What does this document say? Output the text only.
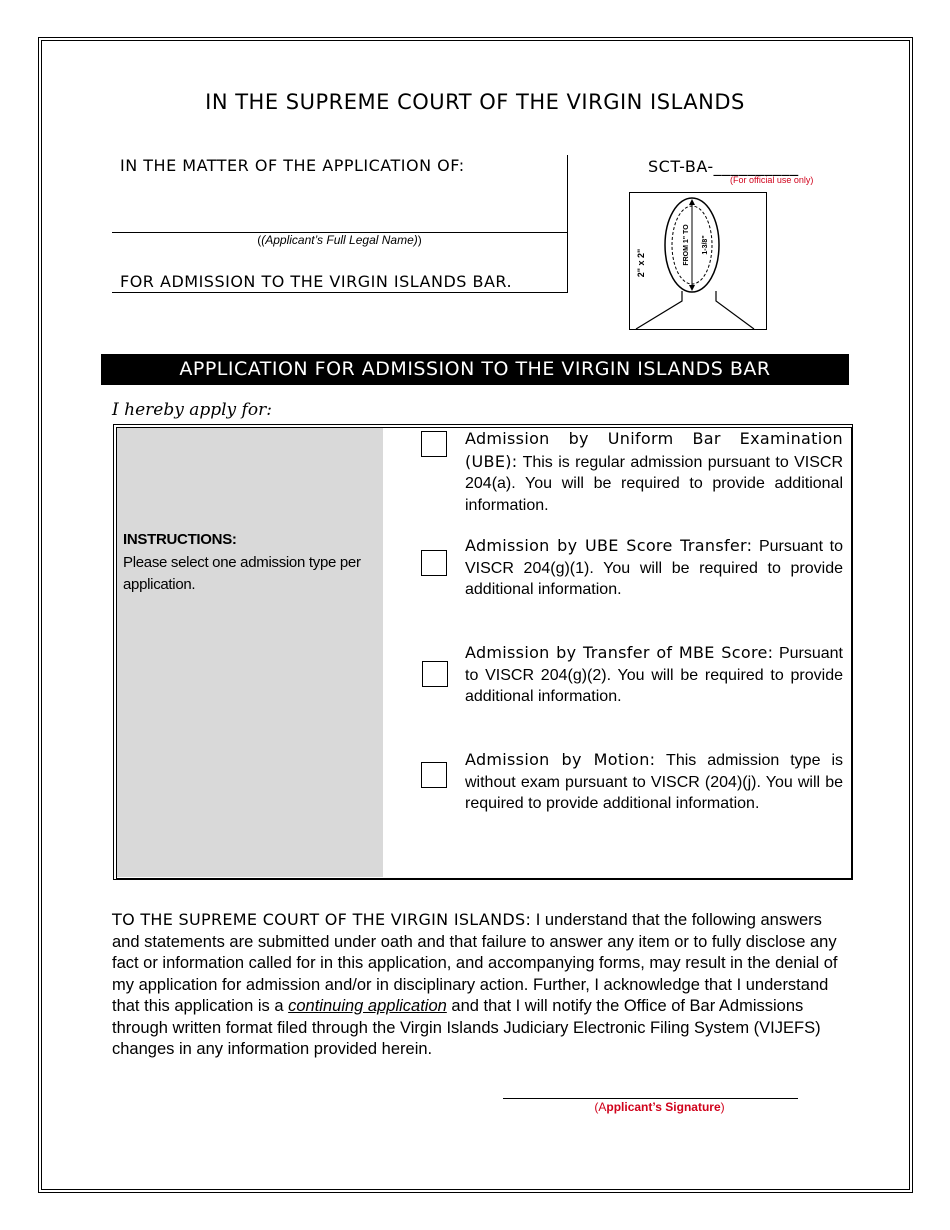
IN THE SUPREME COURT OF THE VIRGIN ISLANDS
IN THE MATTER OF THE APPLICATION OF:
((Applicant’s Full Legal Name))
FOR ADMISSION TO THE VIRGIN ISLANDS BAR.
SCT-BA-__________
(For official use only)
2" x 2"	FROM 1" TO 1-3/8"
APPLICATION FOR ADMISSION TO THE VIRGIN ISLANDS BAR
I hereby apply for:
INSTRUCTIONS:
Please select one admission type per application.
Admission by Uniform Bar Examination (UBE): This is regular admission pursuant to VISCR 204(a). You will be required to provide additional information.
Admission by UBE Score Transfer: Pursuant to VISCR 204(g)(1). You will be required to provide additional information.
Admission by Transfer of MBE Score: Pursuant to VISCR 204(g)(2). You will be required to provide additional information.
Admission by Motion: This admission type is without exam pursuant to VISCR (204)(j). You will be required to provide additional information.
TO THE SUPREME COURT OF THE VIRGIN ISLANDS: I understand that the following answers and statements are submitted under oath and that failure to answer any item or to fully disclose any fact or information called for in this application, and accompanying forms, may result in the denial of my application for admission and/or in disciplinary action. Further, I acknowledge that I understand that this application is a continuing application and that I will notify the Office of Bar Admissions through written format filed through the Virgin Islands Judiciary Electronic Filing System (VIJEFS) changes in any information provided herein.
(Applicant’s Signature)
